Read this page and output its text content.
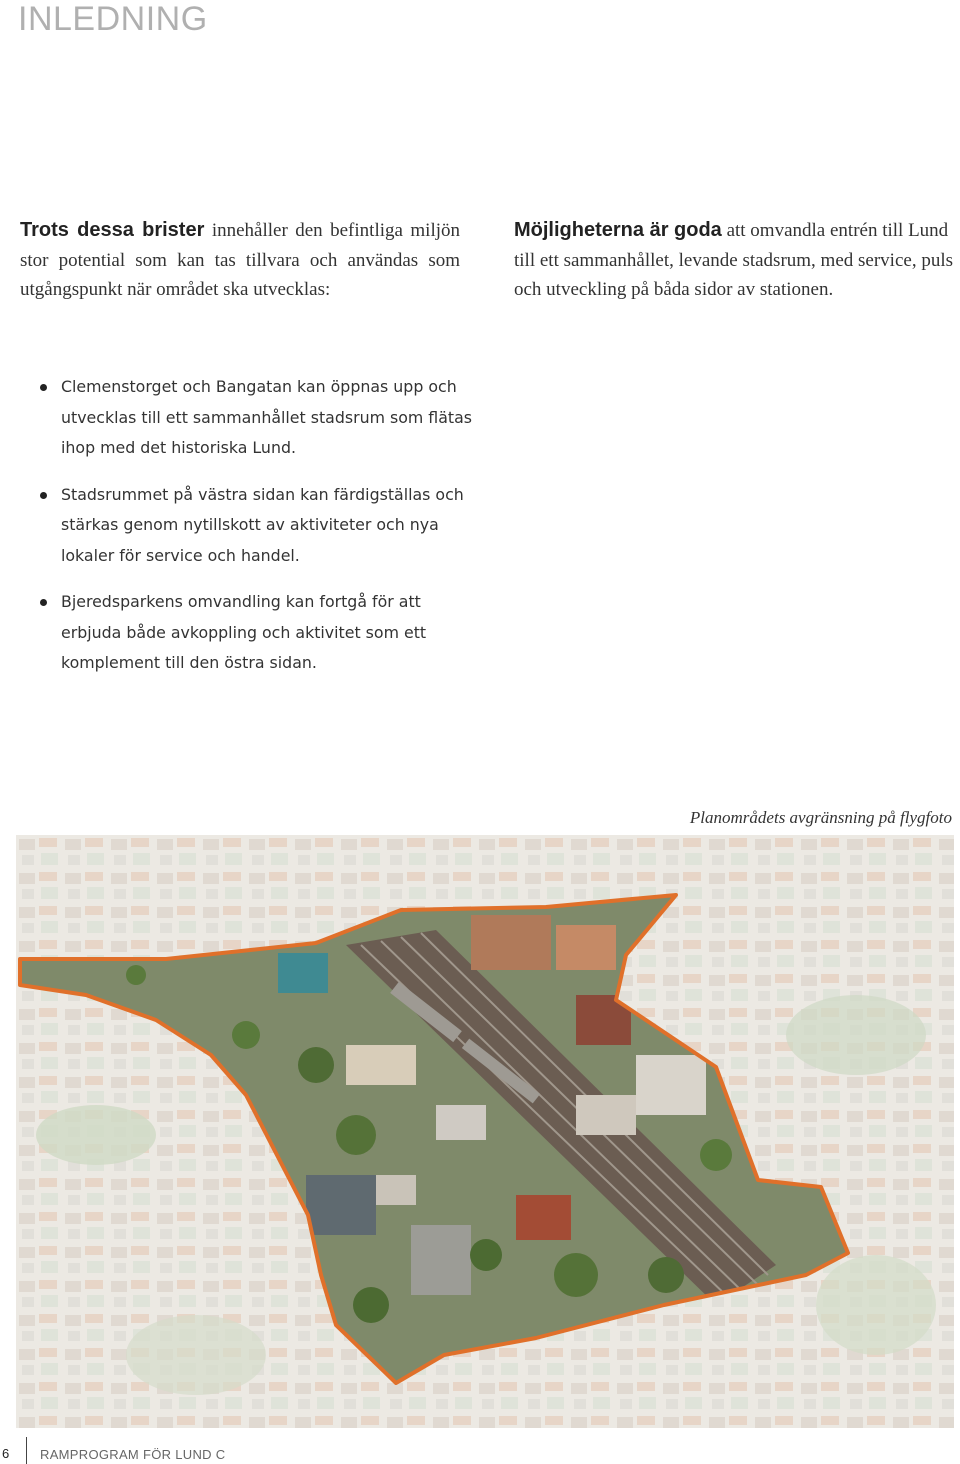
INLEDNING
Trots dessa brister innehåller den befintliga miljön stor potential som kan tas tillvara och användas som utgångspunkt när området ska utvecklas:
Möjligheterna är goda att omvandla entrén till Lund till ett sammanhållet, levande stadsrum, med service, puls och utveckling på båda sidor av stationen.
Clemenstorget och Bangatan kan öppnas upp och utvecklas till ett sammanhållet stadsrum som flätas ihop med det historiska Lund.
Stadsrummet på västra sidan kan färdigställas och stärkas genom nytillskott av aktiviteter och nya lokaler för service och handel.
Bjeredsparkens omvandling kan fortgå för att erbjuda både avkoppling och aktivitet som ett komplement till den östra sidan.
Planområdets avgränsning på flygfoto
6 RAMPROGRAM FÖR LUND C
